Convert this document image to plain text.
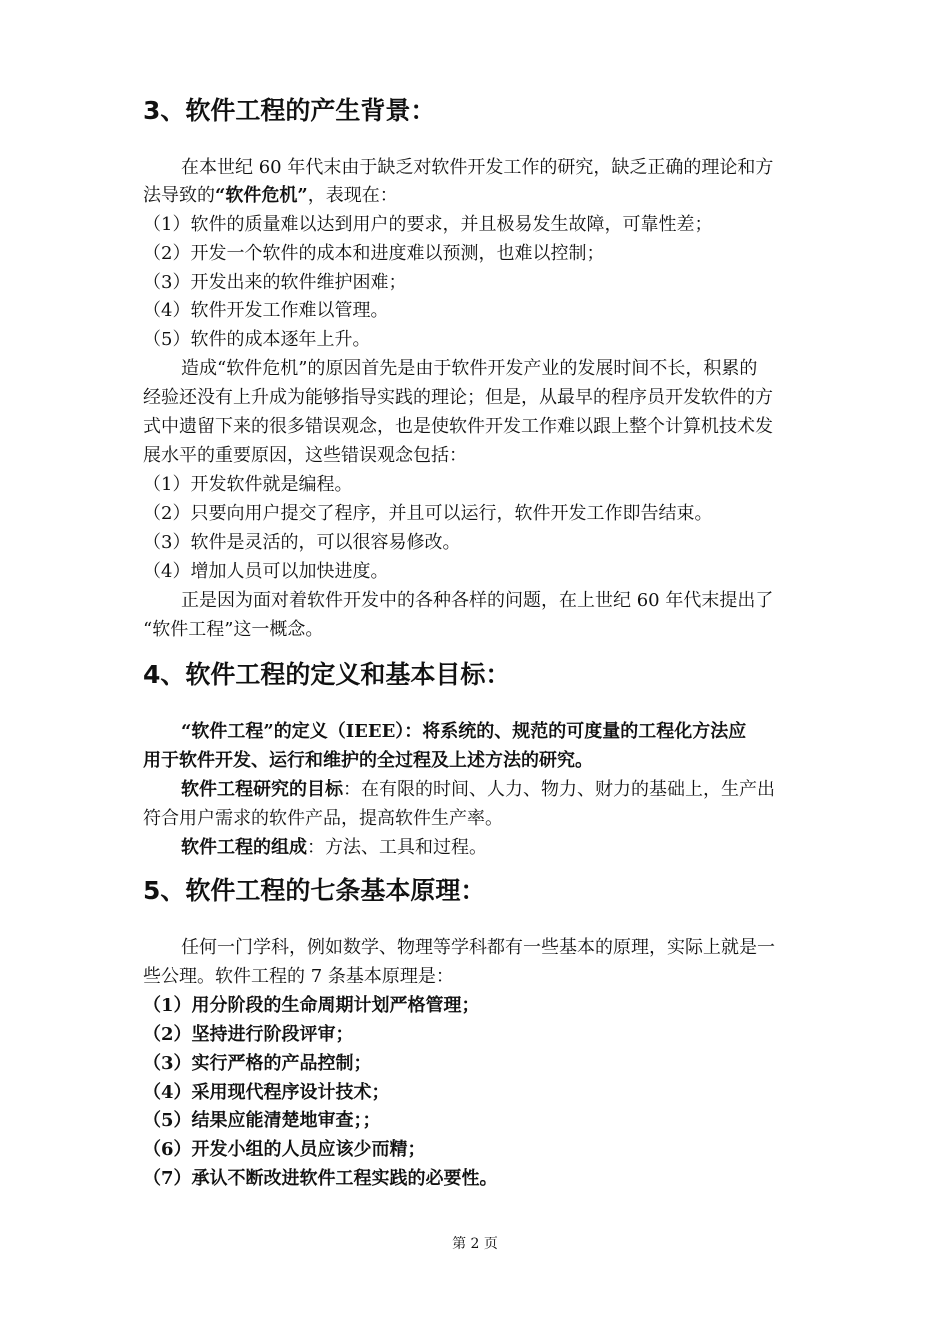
3、软件工程的产生背景：
在本世纪 60 年代末由于缺乏对软件开发工作的研究，缺乏正确的理论和方
法导致的“软件危机”，表现在：
（1）软件的质量难以达到用户的要求，并且极易发生故障，可靠性差；
（2）开发一个软件的成本和进度难以预测，也难以控制；
（3）开发出来的软件维护困难；
（4）软件开发工作难以管理。
（5）软件的成本逐年上升。
造成“软件危机”的原因首先是由于软件开发产业的发展时间不长，积累的
经验还没有上升成为能够指导实践的理论；但是，从最早的程序员开发软件的方
式中遗留下来的很多错误观念，也是使软件开发工作难以跟上整个计算机技术发
展水平的重要原因，这些错误观念包括：
（1）开发软件就是编程。
（2）只要向用户提交了程序，并且可以运行，软件开发工作即告结束。
（3）软件是灵活的，可以很容易修改。
（4）增加人员可以加快进度。
正是因为面对着软件开发中的各种各样的问题，在上世纪 60 年代末提出了
“软件工程”这一概念。
4、软件工程的定义和基本目标：
“软件工程”的定义（IEEE）：将系统的、规范的可度量的工程化方法应
用于软件开发、运行和维护的全过程及上述方法的研究。
软件工程研究的目标：在有限的时间、人力、物力、财力的基础上，生产出
符合用户需求的软件产品，提高软件生产率。
软件工程的组成：方法、工具和过程。
5、软件工程的七条基本原理：
任何一门学科，例如数学、物理等学科都有一些基本的原理，实际上就是一
些公理。软件工程的 7 条基本原理是：
（1）用分阶段的生命周期计划严格管理；
（2）坚持进行阶段评审；
（3）实行严格的产品控制；
（4）采用现代程序设计技术；
（5）结果应能清楚地审查；；
（6）开发小组的人员应该少而精；
（7）承认不断改进软件工程实践的必要性。
第 2 页
